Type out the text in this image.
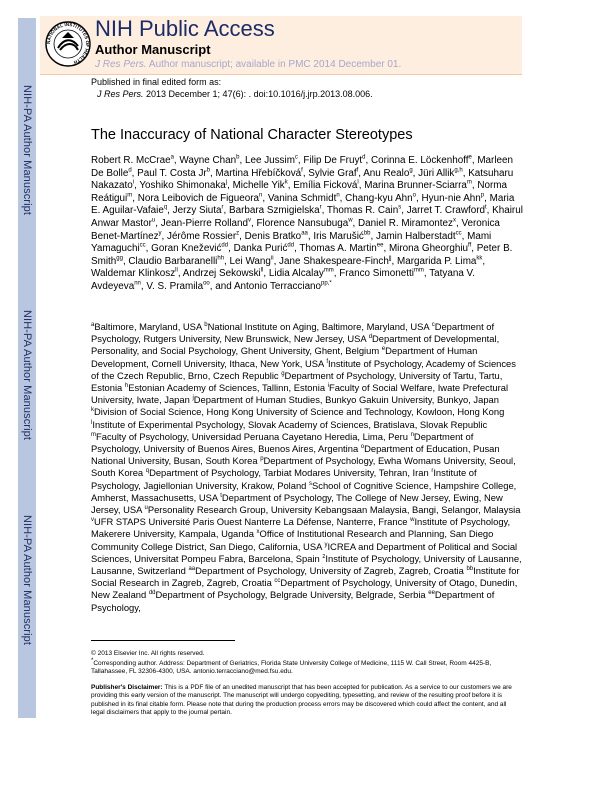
NIH-PA Author Manuscript
NIH-PA Author Manuscript
NIH-PA Author Manuscript
NATIONAL INSTITUTES OF HEALTH
NIH Public Access
Author Manuscript
J Res Pers. Author manuscript; available in PMC 2014 December 01.
Published in final edited form as:
J Res Pers. 2013 December 1; 47(6): . doi:10.1016/j.jrp.2013.08.006.
The Inaccuracy of National Character Stereotypes
Robert R. McCrae$^a$, Wayne Chan$^b$, Lee Jussim$^c$, Filip De Fruyt$^d$, Corinna E. Löckenhoff$^e$, Marleen De Bolle$^d$, Paul T. Costa Jr$^b$, Martina Hřebíčková$^f$, Sylvie Graf$^f$, Anu Realo$^g$, Jüri Allik$^{g,h}$, Katsuharu Nakazato$^i$, Yoshiko Shimonaka$^j$, Michelle Yik$^k$, Emília Ficková$^l$, Marina Brunner-Sciarra$^m$, Norma Reátigui$^m$, Nora Leibovich de Figueora$^n$, Vanina Schmidt$^n$, Chang-kyu Ahn$^o$, Hyun-nie Ahn$^p$, Maria E. Aguilar-Vafaie$^q$, Jerzy Siuta$^r$, Barbara Szmigielska$^r$, Thomas R. Cain$^s$, Jarret T. Crawford$^t$, Khairul Anwar Mastor$^u$, Jean-Pierre Rolland$^v$, Florence Nansubuga$^w$, Daniel R. Miramontez$^x$, Veronica Benet-Martínez$^y$, Jérôme Rossier$^z$, Denis Bratko$^{aa}$, Iris Marušić$^{bb}$, Jamin Halberstadt$^{cc}$, Mami Yamaguchi$^{cc}$, Goran Knežević$^{dd}$, Danka Purić$^{dd}$, Thomas A. Martin$^{ee}$, Mirona Gheorghiu$^{ff}$, Peter B. Smith$^{gg}$, Claudio Barbaranelli$^{hh}$, Lei Wang$^{ii}$, Jane Shakespeare-Finch$^{jj}$, Margarida P. Lima$^{kk}$, Waldemar Klinkosz$^{ll}$, Andrzej Sekowski$^{ll}$, Lidia Alcalay$^{mm}$, Franco Simonetti$^{mm}$, Tatyana V. Avdeyeva$^{nn}$, V. S. Pramila$^{oo}$, and Antonio Terracciano$^{pp,*}$
$^a$Baltimore, Maryland, USA $^b$National Institute on Aging, Baltimore, Maryland, USA $^c$Department of Psychology, Rutgers University, New Brunswick, New Jersey, USA $^d$Department of Developmental, Personality, and Social Psychology, Ghent University, Ghent, Belgium $^e$Department of Human Development, Cornell University, Ithaca, New York, USA $^f$Institute of Psychology, Academy of Sciences of the Czech Republic, Brno, Czech Republic $^g$Department of Psychology, University of Tartu, Tartu, Estonia $^h$Estonian Academy of Sciences, Tallinn, Estonia $^i$Faculty of Social Welfare, Iwate Prefectural University, Iwate, Japan $^j$Department of Human Studies, Bunkyo Gakuin University, Bunkyo, Japan $^k$Division of Social Science, Hong Kong University of Science and Technology, Kowloon, Hong Kong $^l$Institute of Experimental Psychology, Slovak Academy of Sciences, Bratislava, Slovak Republic $^m$Faculty of Psychology, Universidad Peruana Cayetano Heredia, Lima, Peru $^n$Department of Psychology, University of Buenos Aires, Buenos Aires, Argentina $^o$Department of Education, Pusan National University, Busan, South Korea $^p$Department of Psychology, Ewha Womans University, Seoul, South Korea $^q$Department of Psychology, Tarbiat Modares University, Tehran, Iran $^r$Institute of Psychology, Jagiellonian University, Krakow, Poland $^s$School of Cognitive Science, Hampshire College, Amherst, Massachusetts, USA $^t$Department of Psychology, The College of New Jersey, Ewing, New Jersey, USA $^u$Personality Research Group, University Kebangsaan Malaysia, Bangi, Selangor, Malaysia $^v$UFR STAPS Université Paris Ouest Nanterre La Défense, Nanterre, France $^w$Institute of Psychology, Makerere University, Kampala, Uganda $^x$Office of Institutional Research and Planning, San Diego Community College District, San Diego, California, USA $^y$ICREA and Department of Political and Social Sciences, Universitat Pompeu Fabra, Barcelona, Spain $^z$Institute of Psychology, University of Lausanne, Lausanne, Switzerland $^{aa}$Department of Psychology, University of Zagreb, Zagreb, Croatia $^{bb}$Institute for Social Research in Zagreb, Zagreb, Croatia $^{cc}$Department of Psychology, University of Otago, Dunedin, New Zealand $^{dd}$Department of Psychology, Belgrade University, Belgrade, Serbia $^{ee}$Department of Psychology,
© 2013 Elsevier Inc. All rights reserved.
*Corresponding author. Address: Department of Geriatrics, Florida State University College of Medicine, 1115 W. Call Street, Room 4425-B, Tallahassee, FL 32306-4300, USA. antonio.terracciano@med.fsu.edu.
Publisher's Disclaimer: This is a PDF file of an unedited manuscript that has been accepted for publication. As a service to our customers we are providing this early version of the manuscript. The manuscript will undergo copyediting, typesetting, and review of the resulting proof before it is published in its final citable form. Please note that during the production process errors may be discovered which could affect the content, and all legal disclaimers that apply to the journal pertain.
